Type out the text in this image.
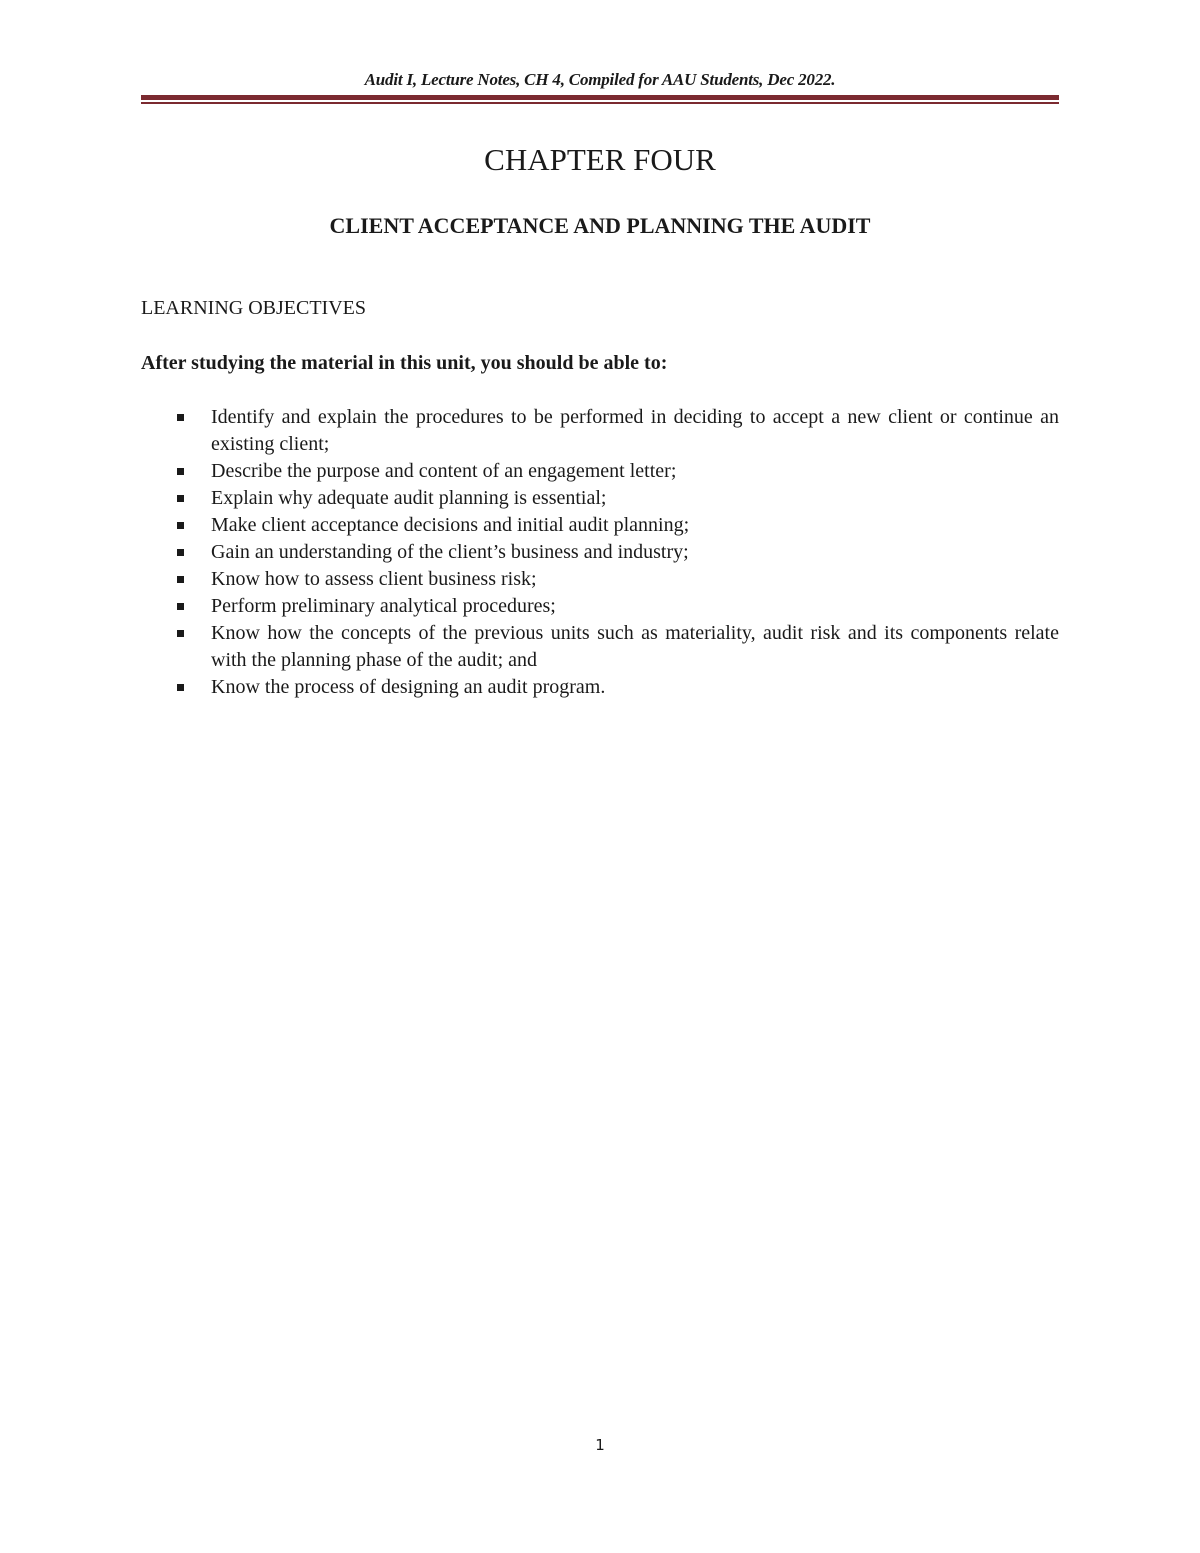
Audit I, Lecture Notes, CH 4, Compiled for AAU Students, Dec 2022.
CHAPTER FOUR
CLIENT ACCEPTANCE AND PLANNING THE AUDIT
LEARNING OBJECTIVES
After studying the material in this unit, you should be able to:
Identify and explain the procedures to be performed in deciding to accept a new client or continue an existing client;
Describe the purpose and content of an engagement letter;
Explain why adequate audit planning is essential;
Make client acceptance decisions and initial audit planning;
Gain an understanding of the client’s business and industry;
Know how to assess client business risk;
Perform preliminary analytical procedures;
Know how the concepts of the previous units such as materiality, audit risk and its components relate with the planning phase of the audit; and
Know the process of designing an audit program.
1
